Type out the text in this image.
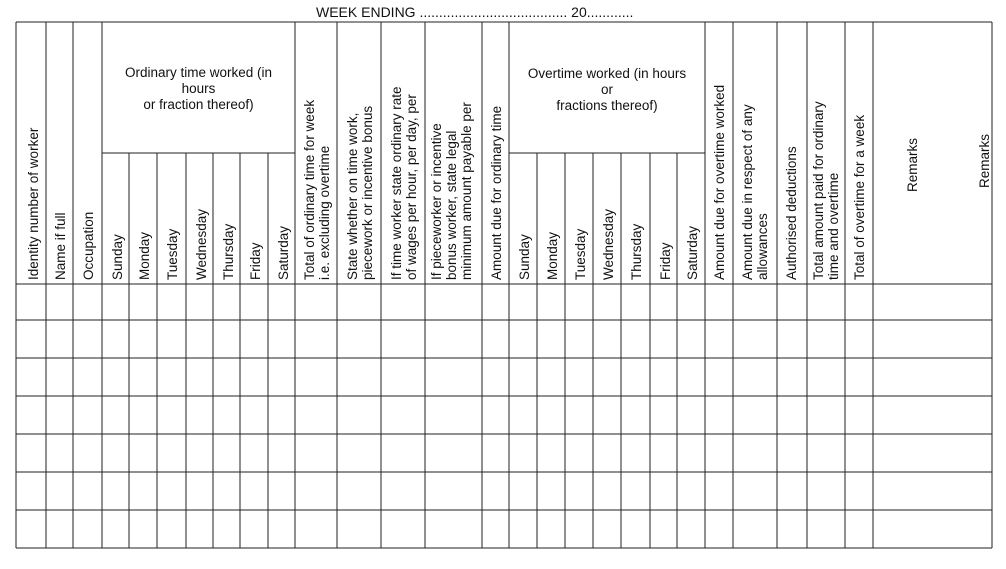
WEEK ENDING ...................................... 20............
Identity number of worker Name if full Occupation Sunday Monday Tuesday Wednesday Thursday Friday Saturday Total of ordinary time for week
i.e. excluding overtime State whether on time work,
piecework or incentive bonus If time worker state ordinary rate
of wages per hour, per day, per If pieceworker or incentive
bonus worker, state legal
minimum amount payable per Amount due for ordinary time Sunday Monday Tuesday Wednesday Thursday Friday Saturday Amount due for overtime worked Amount due in respect of any
allowances Authorised deductions Total amount paid for ordinary
time and overtime Total of overtime for a week	Remarks	Remarks
Ordinary time worked (in
hours
or fraction thereof)
Overtime worked (in hours
or
fractions thereof)
